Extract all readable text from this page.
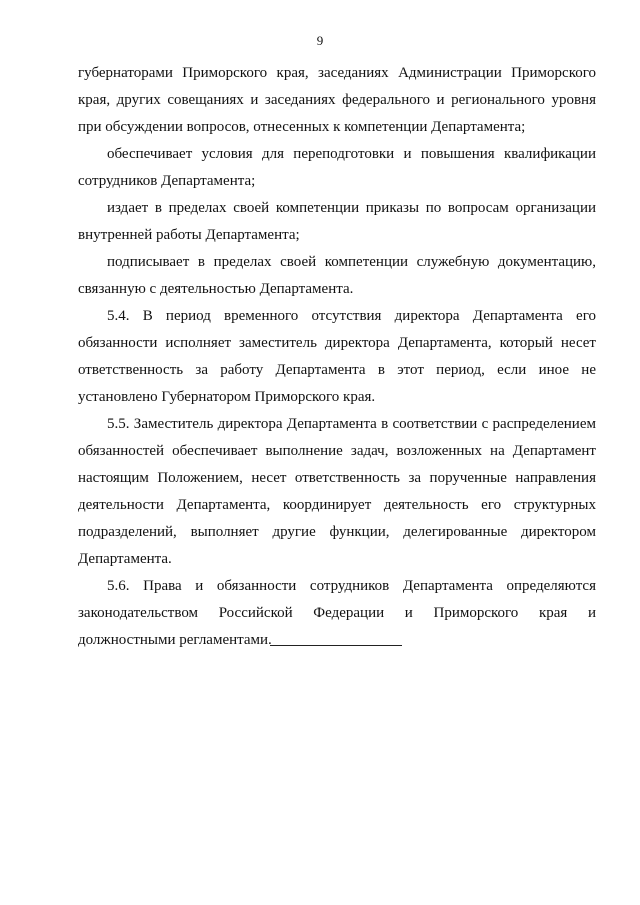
9
губернаторами Приморского края, заседаниях Администрации Приморского
края, других совещаниях и заседаниях федерального и регионального уровня
при обсуждении вопросов, отнесенных к компетенции Департамента;
обеспечивает условия для переподготовки и повышения квалификации
сотрудников Департамента;
издает в пределах своей компетенции приказы по вопросам организации
внутренней работы Департамента;
подписывает в пределах своей компетенции служебную документацию,
связанную с деятельностью Департамента.
5.4. В период временного отсутствия директора Департамента его
обязанности исполняет заместитель директора Департамента, который несет
ответственность за работу Департамента в этот период, если иное не
установлено Губернатором Приморского края.
5.5. Заместитель директора Департамента в соответствии с распределением
обязанностей обеспечивает выполнение задач, возложенных на Департамент
настоящим Положением, несет ответственность за порученные направления
деятельности Департамента, координирует деятельность его структурных
подразделений, выполняет другие функции, делегированные директором
Департамента.
5.6. Права и обязанности сотрудников Департамента определяются
законодательством Российской Федерации и Приморского края и
должностными регламентами.
